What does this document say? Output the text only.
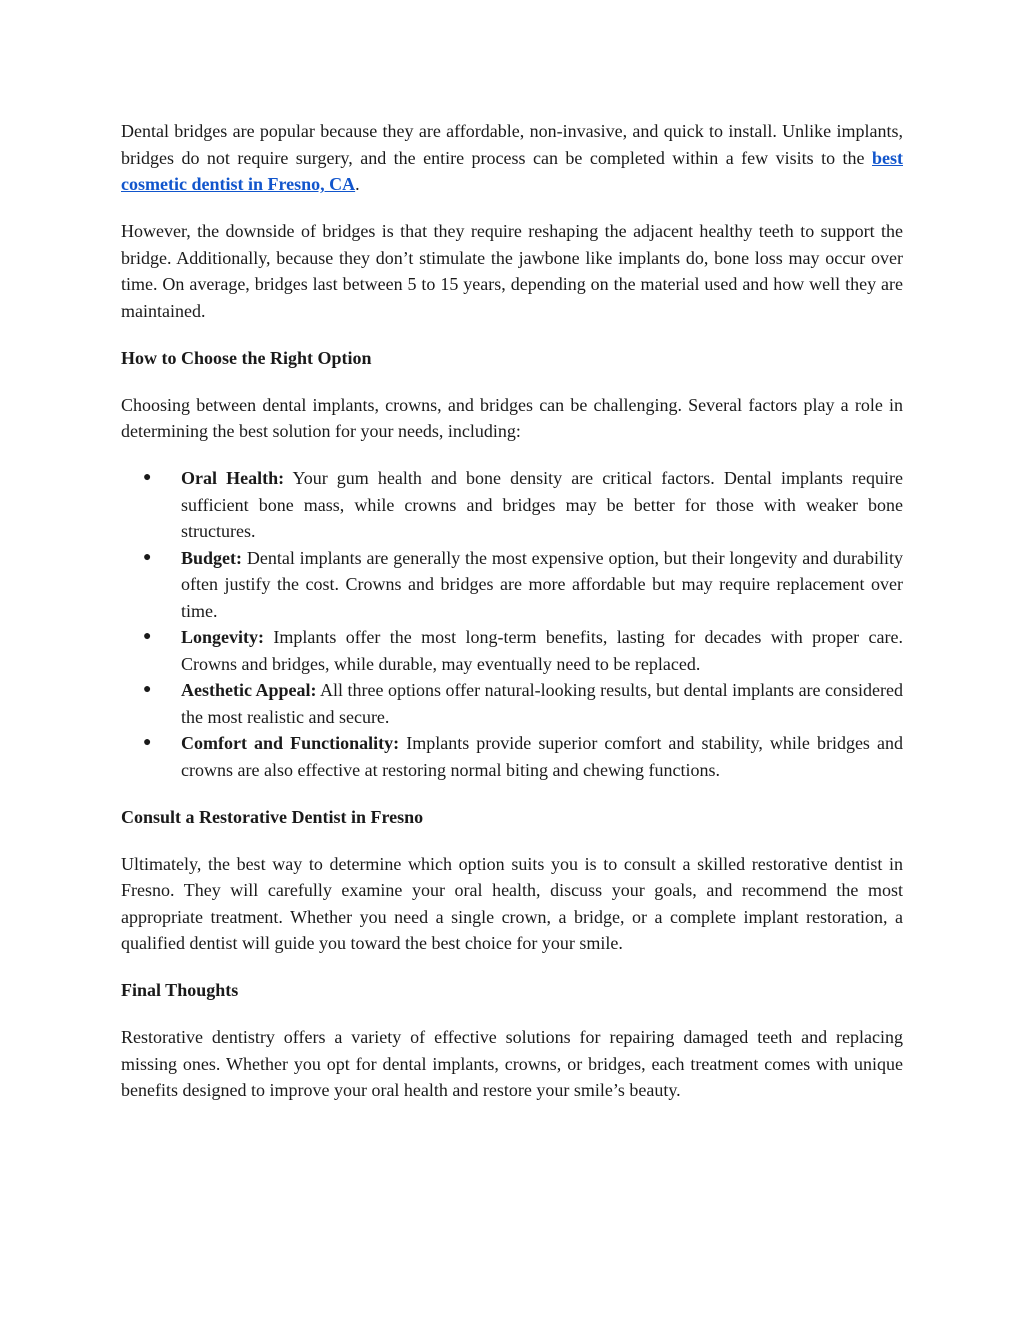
Dental bridges are popular because they are affordable, non-invasive, and quick to install. Unlike implants, bridges do not require surgery, and the entire process can be completed within a few visits to the best cosmetic dentist in Fresno, CA.

However, the downside of bridges is that they require reshaping the adjacent healthy teeth to support the bridge. Additionally, because they don’t stimulate the jawbone like implants do, bone loss may occur over time. On average, bridges last between 5 to 15 years, depending on the material used and how well they are maintained.

How to Choose the Right Option

Choosing between dental implants, crowns, and bridges can be challenging. Several factors play a role in determining the best solution for your needs, including:

● Oral Health: Your gum health and bone density are critical factors. Dental implants require sufficient bone mass, while crowns and bridges may be better for those with weaker bone structures.
● Budget: Dental implants are generally the most expensive option, but their longevity and durability often justify the cost. Crowns and bridges are more affordable but may require replacement over time.
● Longevity: Implants offer the most long-term benefits, lasting for decades with proper care. Crowns and bridges, while durable, may eventually need to be replaced.
● Aesthetic Appeal: All three options offer natural-looking results, but dental implants are considered the most realistic and secure.
● Comfort and Functionality: Implants provide superior comfort and stability, while bridges and crowns are also effective at restoring normal biting and chewing functions.
Consult a Restorative Dentist in Fresno

Ultimately, the best way to determine which option suits you is to consult a skilled restorative dentist in Fresno. They will carefully examine your oral health, discuss your goals, and recommend the most appropriate treatment. Whether you need a single crown, a bridge, or a complete implant restoration, a qualified dentist will guide you toward the best choice for your smile.

Final Thoughts

Restorative dentistry offers a variety of effective solutions for repairing damaged teeth and replacing missing ones. Whether you opt for dental implants, crowns, or bridges, each treatment comes with unique benefits designed to improve your oral health and restore your smile’s beauty.
